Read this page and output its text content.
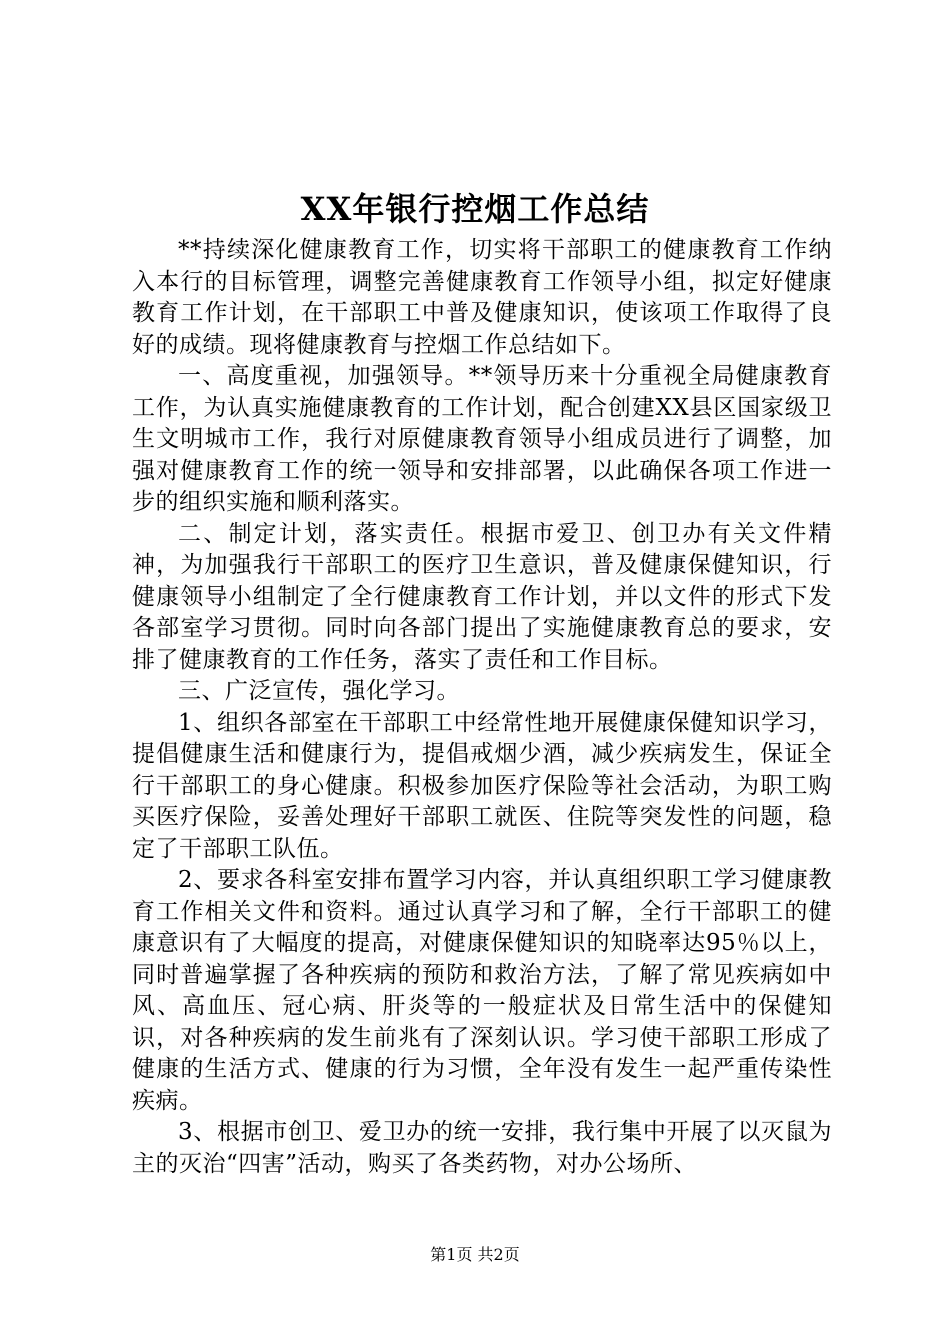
XX年银行控烟工作总结

**持续深化健康教育工作，切实将干部职工的健康教育工作纳入本行的目标管理，调整完善健康教育工作领导小组，拟定好健康教育工作计划，在干部职工中普及健康知识，使该项工作取得了良好的成绩。现将健康教育与控烟工作总结如下。

一、高度重视，加强领导。**领导历来十分重视全局健康教育工作，为认真实施健康教育的工作计划，配合创建XX县区国家级卫生文明城市工作，我行对原健康教育领导小组成员进行了调整，加强对健康教育工作的统一领导和安排部署，以此确保各项工作进一步的组织实施和顺利落实。

二、制定计划，落实责任。根据市爱卫、创卫办有关文件精神，为加强我行干部职工的医疗卫生意识，普及健康保健知识，行健康领导小组制定了全行健康教育工作计划，并以文件的形式下发各部室学习贯彻。同时向各部门提出了实施健康教育总的要求，安排了健康教育的工作任务，落实了责任和工作目标。

三、广泛宣传，强化学习。

1、组织各部室在干部职工中经常性地开展健康保健知识学习，提倡健康生活和健康行为，提倡戒烟少酒，减少疾病发生，保证全行干部职工的身心健康。积极参加医疗保险等社会活动，为职工购买医疗保险，妥善处理好干部职工就医、住院等突发性的问题，稳定了干部职工队伍。

2、要求各科室安排布置学习内容，并认真组织职工学习健康教育工作相关文件和资料。通过认真学习和了解，全行干部职工的健康意识有了大幅度的提高，对健康保健知识的知晓率达95％以上，同时普遍掌握了各种疾病的预防和救治方法，了解了常见疾病如中风、高血压、冠心病、肝炎等的一般症状及日常生活中的保健知识，对各种疾病的发生前兆有了深刻认识。学习使干部职工形成了健康的生活方式、健康的行为习惯，全年没有发生一起严重传染性疾病。

3、根据市创卫、爱卫办的统一安排，我行集中开展了以灭鼠为主的灭治“四害”活动，购买了各类药物，对办公场所、

第1页 共2页
